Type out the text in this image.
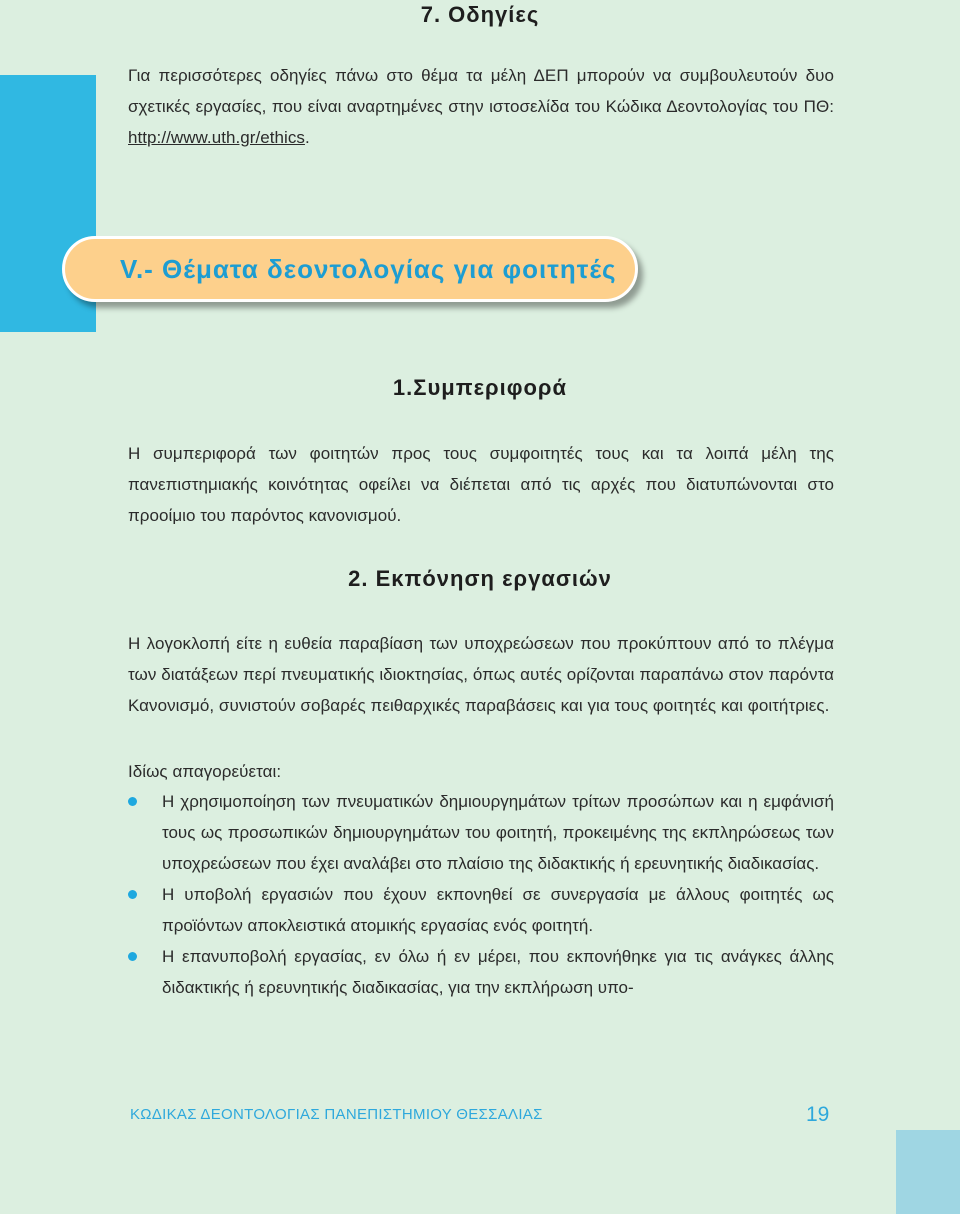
7. Οδηγίες
Για περισσότερες οδηγίες πάνω στο θέμα τα μέλη ΔΕΠ μπορούν να συμβουλευτούν δυο σχετικές εργασίες, που είναι αναρτημένες στην ιστοσελίδα του Κώδικα Δεοντολογίας του ΠΘ: http://www.uth.gr/ethics.
V.- Θέματα δεοντολογίας για φοιτητές
1.Συμπεριφορά
Η συμπεριφορά των φοιτητών προς τους συμφοιτητές τους και τα λοιπά μέλη της πανεπιστημιακής κοινότητας οφείλει να διέπεται από τις αρχές που διατυπώνονται στο προοίμιο του παρόντος κανονισμού.
2. Εκπόνηση εργασιών
Η λογοκλοπή είτε η ευθεία παραβίαση των υποχρεώσεων που προκύπτουν από το πλέγμα των διατάξεων περί πνευματικής ιδιοκτησίας, όπως αυτές ορίζονται παραπάνω στον παρόντα Κανονισμό, συνιστούν σοβαρές πειθαρχικές παραβάσεις και για τους φοιτητές και φοιτήτριες.
Ιδίως απαγορεύεται:
Η χρησιμοποίηση των πνευματικών δημιουργημάτων τρίτων προσώπων και η εμφάνισή τους ως προσωπικών δημιουργημάτων του φοιτητή, προκειμένης της εκπληρώσεως των υποχρεώσεων που έχει αναλάβει στο πλαίσιο της διδακτικής ή ερευνητικής διαδικασίας.
Η υποβολή εργασιών που έχουν εκπονηθεί σε συνεργασία με άλλους φοιτητές ως προϊόντων αποκλειστικά ατομικής εργασίας ενός φοιτητή.
Η επανυποβολή εργασίας, εν όλω ή εν μέρει, που εκπονήθηκε για τις ανάγκες άλλης διδακτικής ή ερευνητικής διαδικασίας, για την εκπλήρωση υπο-
ΚΩΔΙΚΑΣ ΔΕΟΝΤΟΛΟΓΙΑΣ ΠΑΝΕΠΙΣΤΗΜΙΟΥ ΘΕΣΣΑΛΙΑΣ	19
